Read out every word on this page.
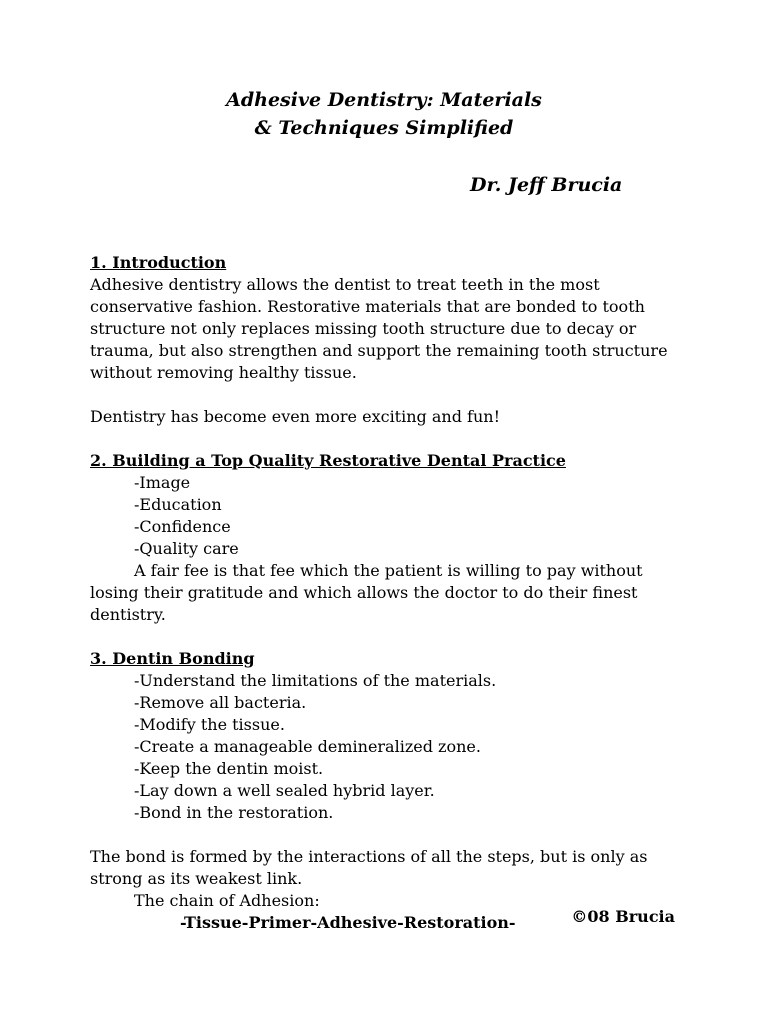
Adhesive Dentistry: Materials
& Techniques Simplified
Dr. Jeff Brucia

1. Introduction

Adhesive dentistry allows the dentist to treat teeth in the most conservative fashion. Restorative materials that are bonded to tooth structure not only replaces missing tooth structure due to decay or trauma, but also strengthen and support the remaining tooth structure without removing healthy tissue.

Dentistry has become even more exciting and fun!

2. Building a Top Quality Restorative Dental Practice

-Image

-Education

-Confidence

-Quality care

A fair fee is that fee which the patient is willing to pay without losing their gratitude and which allows the doctor to do their finest dentistry.

3. Dentin Bonding

-Understand the limitations of the materials.

-Remove all bacteria.

-Modify the tissue.

-Create a manageable demineralized zone.

-Keep the dentin moist.

-Lay down a well sealed hybrid layer.

-Bond in the restoration.

The bond is formed by the interactions of all the steps, but is only as strong as its weakest link.

The chain of Adhesion:

-Tissue-Primer-Adhesive-Restoration-	©08 Brucia
